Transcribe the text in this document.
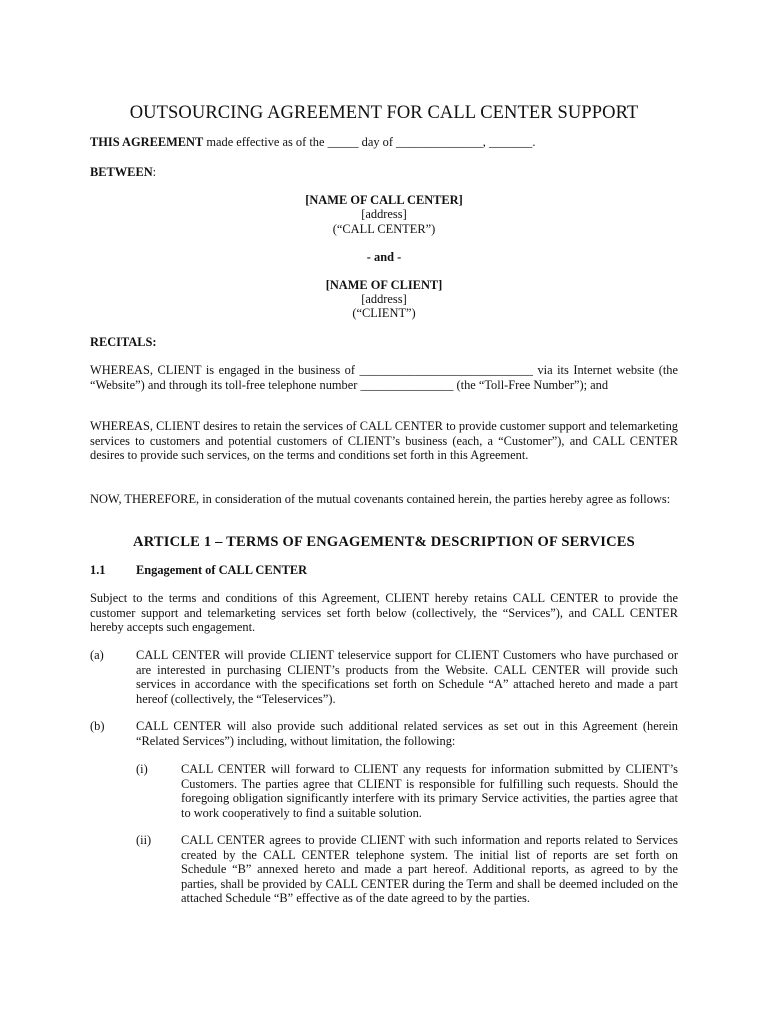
OUTSOURCING AGREEMENT FOR CALL CENTER SUPPORT

THIS AGREEMENT made effective as of the _____ day of ______________, _______.

BETWEEN:

[NAME OF CALL CENTER]
[address]
(“CALL CENTER”)
- and -
[NAME OF CLIENT]
[address]
(“CLIENT”)

RECITALS:

WHEREAS, CLIENT is engaged in the business of ____________________________ via its Internet website (the “Website”) and through its toll-free telephone number _______________ (the “Toll-Free Number”); and

WHEREAS, CLIENT desires to retain the services of CALL CENTER to provide customer support and telemarketing services to customers and potential customers of CLIENT’s business (each, a “Customer”), and CALL CENTER desires to provide such services, on the terms and conditions set forth in this Agreement.

NOW, THEREFORE, in consideration of the mutual covenants contained herein, the parties hereby agree as follows:

ARTICLE 1 – TERMS OF ENGAGEMENT& DESCRIPTION OF SERVICES
1.1 Engagement of CALL CENTER

Subject to the terms and conditions of this Agreement, CLIENT hereby retains CALL CENTER to provide the customer support and telemarketing services set forth below (collectively, the “Services”), and CALL CENTER hereby accepts such engagement.

(a)	CALL CENTER will provide CLIENT teleservice support for CLIENT Customers who have purchased or are interested in purchasing CLIENT’s products from the Website. CALL CENTER will provide such services in accordance with the specifications set forth on Schedule “A” attached hereto and made a part hereof (collectively, the “Teleservices”).

(b)	CALL CENTER will also provide such additional related services as set out in this Agreement (herein “Related Services”) including, without limitation, the following:

(i)	CALL CENTER will forward to CLIENT any requests for information submitted by CLIENT’s Customers. The parties agree that CLIENT is responsible for fulfilling such requests. Should the foregoing obligation significantly interfere with its primary Service activities, the parties agree that to work cooperatively to find a suitable solution.

(ii) CALL CENTER agrees to provide CLIENT with such information and reports related to Services created by the CALL CENTER telephone system. The initial list of reports are set forth on Schedule “B” annexed hereto and made a part hereof. Additional reports, as agreed to by the parties, shall be provided by CALL CENTER during the Term and shall be deemed included on the attached Schedule “B” effective as of the date agreed to by the parties.
